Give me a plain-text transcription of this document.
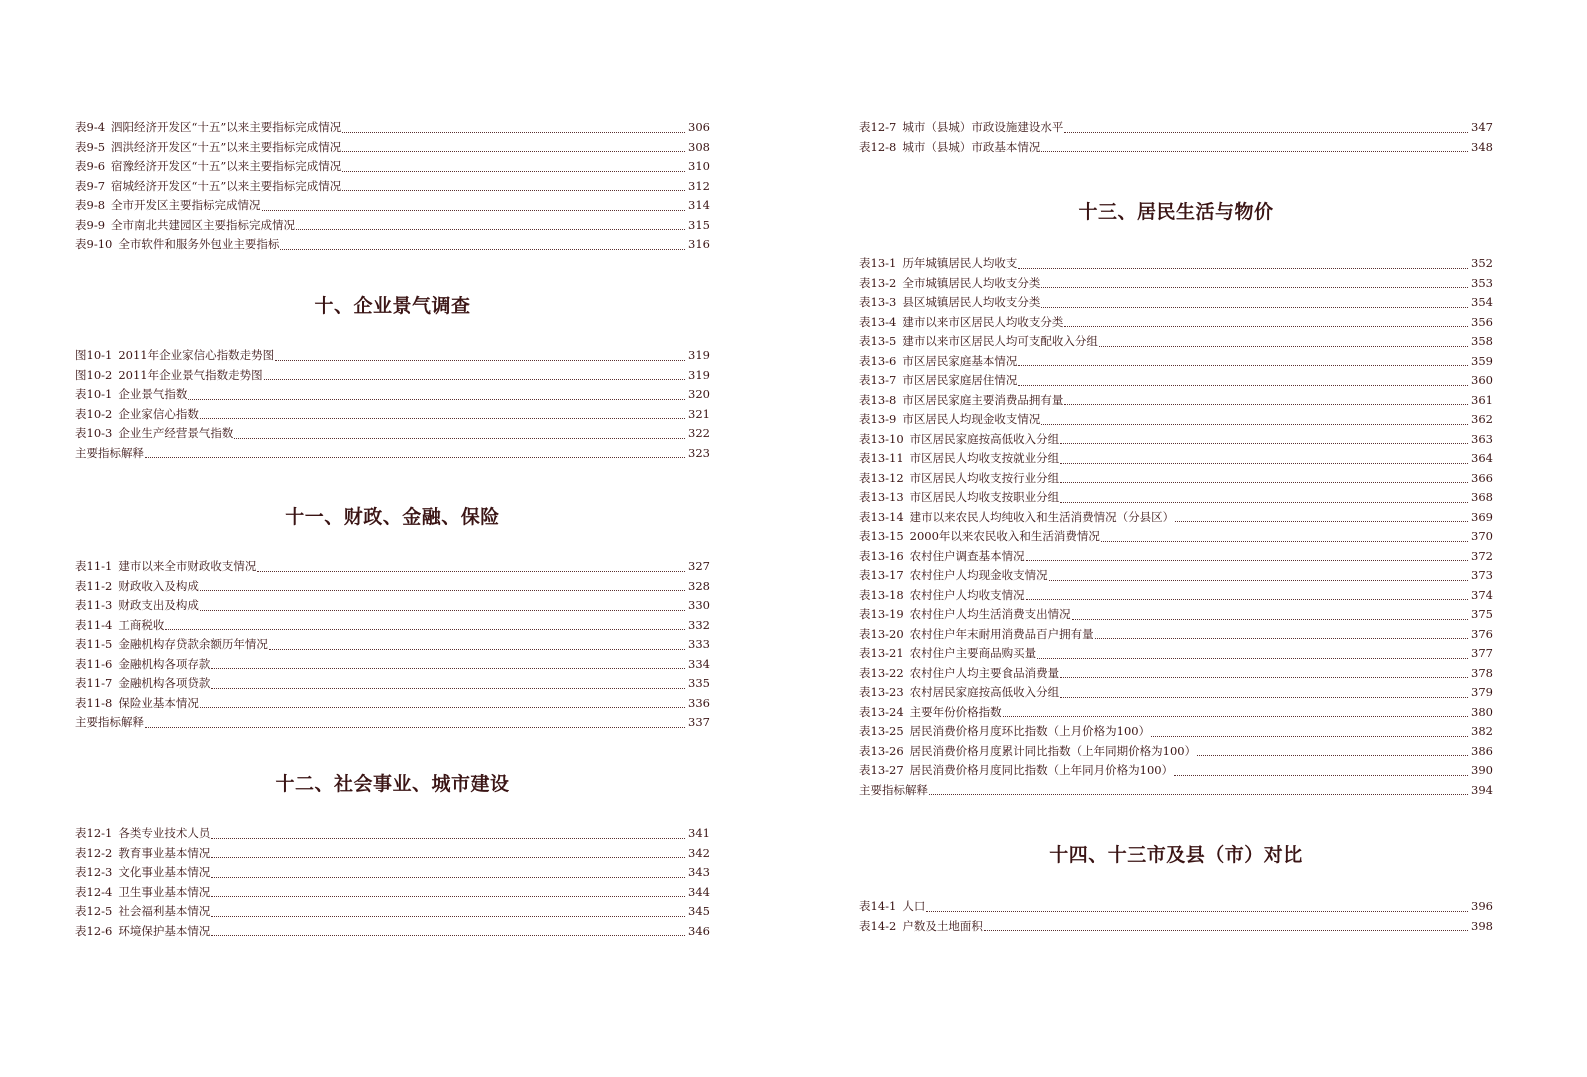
表9-4 泗阳经济开发区“十五”以来主要指标完成情况	306
表9-5 泗洪经济开发区“十五”以来主要指标完成情况	308
表9-6 宿豫经济开发区“十五”以来主要指标完成情况	310
表9-7 宿城经济开发区“十五”以来主要指标完成情况	312
表9-8 全市开发区主要指标完成情况	314
表9-9 全市南北共建园区主要指标完成情况	315
表9-10 全市软件和服务外包业主要指标	316
十、企业景气调查
图10-1 2011年企业家信心指数走势图	319
图10-2 2011年企业景气指数走势图	319
表10-1 企业景气指数	320
表10-2 企业家信心指数	321
表10-3 企业生产经营景气指数	322
主要指标解释	323
十一、财政、金融、保险
表11-1 建市以来全市财政收支情况	327
表11-2 财政收入及构成	328
表11-3 财政支出及构成	330
表11-4 工商税收	332
表11-5 金融机构存贷款余额历年情况	333
表11-6 金融机构各项存款	334
表11-7 金融机构各项贷款	335
表11-8 保险业基本情况	336
主要指标解释	337
十二、社会事业、城市建设
表12-1 各类专业技术人员	341
表12-2 教育事业基本情况	342
表12-3 文化事业基本情况	343
表12-4 卫生事业基本情况	344
表12-5 社会福利基本情况	345
表12-6 环境保护基本情况	346
表12-7 城市（县城）市政设施建设水平	347
表12-8 城市（县城）市政基本情况	348
十三、居民生活与物价
表13-1 历年城镇居民人均收支	352
表13-2 全市城镇居民人均收支分类	353
表13-3 县区城镇居民人均收支分类	354
表13-4 建市以来市区居民人均收支分类	356
表13-5 建市以来市区居民人均可支配收入分组	358
表13-6 市区居民家庭基本情况	359
表13-7 市区居民家庭居住情况	360
表13-8 市区居民家庭主要消费品拥有量	361
表13-9 市区居民人均现金收支情况	362
表13-10 市区居民家庭按高低收入分组	363
表13-11 市区居民人均收支按就业分组	364
表13-12 市区居民人均收支按行业分组	366
表13-13 市区居民人均收支按职业分组	368
表13-14 建市以来农民人均纯收入和生活消费情况（分县区）	369
表13-15 2000年以来农民收入和生活消费情况	370
表13-16 农村住户调查基本情况	372
表13-17 农村住户人均现金收支情况	373
表13-18 农村住户人均收支情况	374
表13-19 农村住户人均生活消费支出情况	375
表13-20 农村住户年末耐用消费品百户拥有量	376
表13-21 农村住户主要商品购买量	377
表13-22 农村住户人均主要食品消费量	378
表13-23 农村居民家庭按高低收入分组	379
表13-24 主要年份价格指数	380
表13-25 居民消费价格月度环比指数（上月价格为100）	382
表13-26 居民消费价格月度累计同比指数（上年同期价格为100）	386
表13-27 居民消费价格月度同比指数（上年同月价格为100）	390
主要指标解释	394
十四、十三市及县（市）对比
表14-1 人口	396
表14-2 户数及土地面积	398
